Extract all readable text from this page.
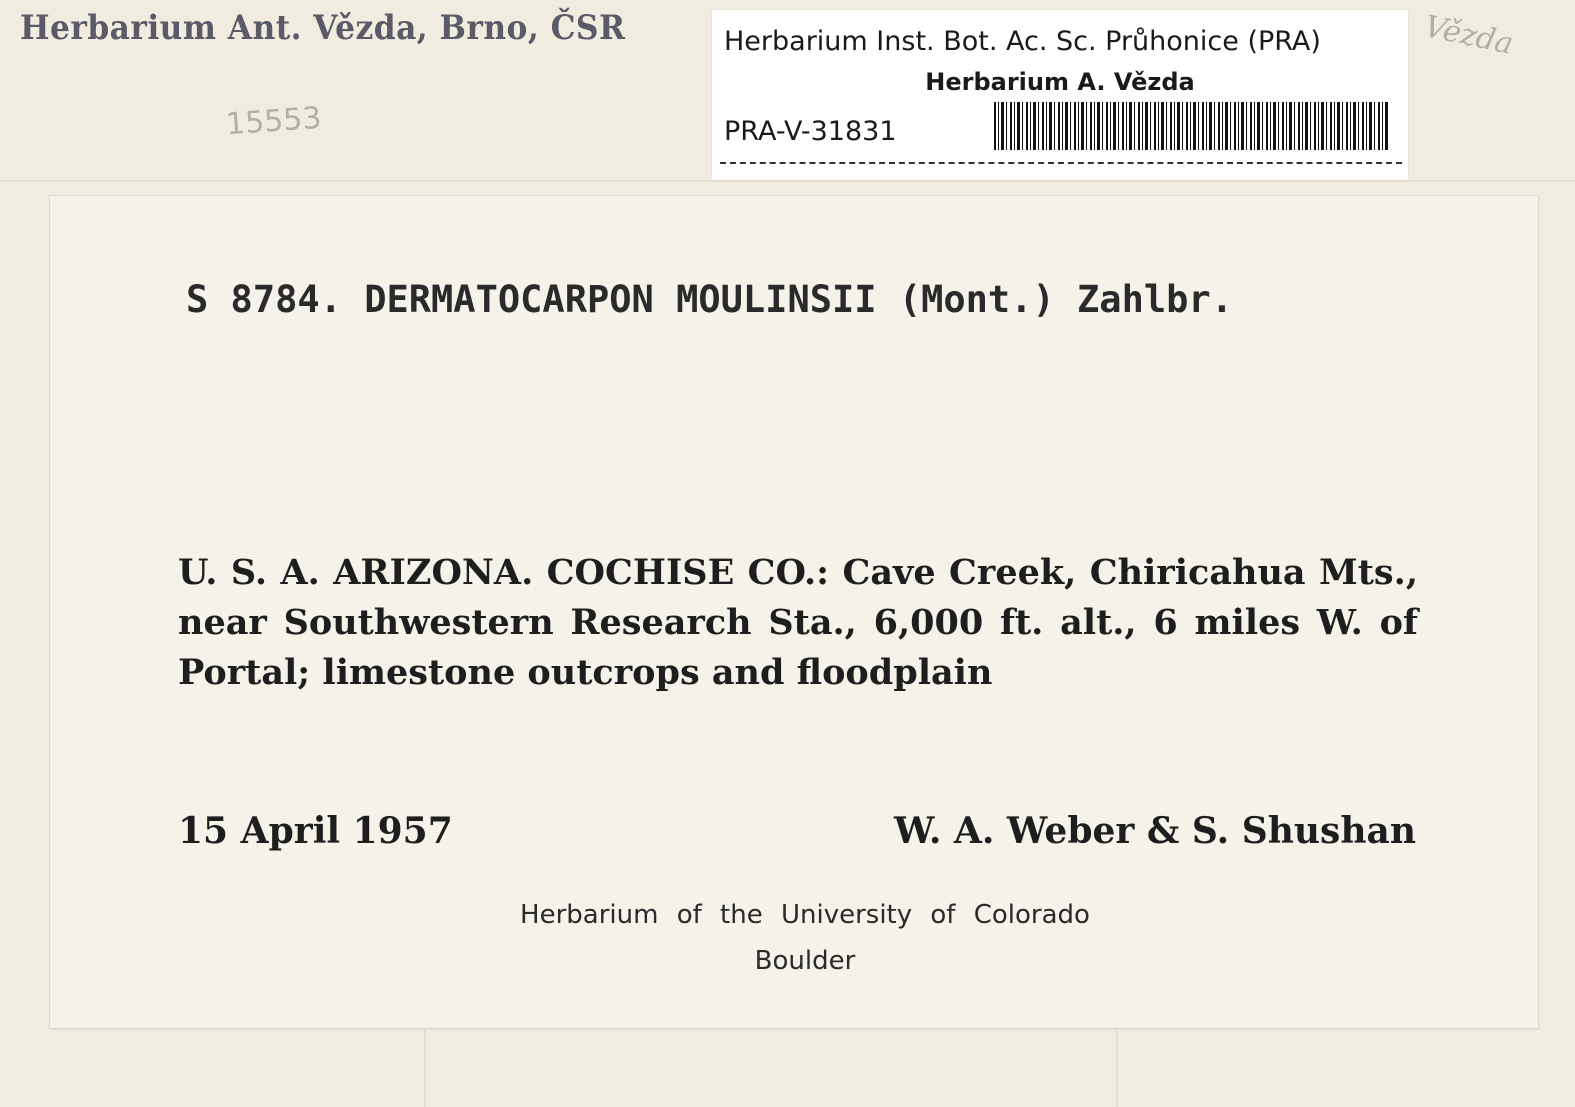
Herbarium Ant. Vězda, Brno, ČSR
15553
Vězda
Herbarium Inst. Bot. Ac. Sc. Průhonice (PRA)
Herbarium A. Vězda
PRA-V-31831
S 8784. DERMATOCARPON MOULINSII (Mont.) Zahlbr.
U. S. A. ARIZONA. COCHISE CO.: Cave Creek, Chiricahua Mts., near Southwestern Research Sta., 6,000 ft. alt., 6 miles W. of Portal; limestone outcrops and floodplain
15 April 1957	W. A. Weber & S. Shushan
Herbarium of the University of Colorado
Boulder
